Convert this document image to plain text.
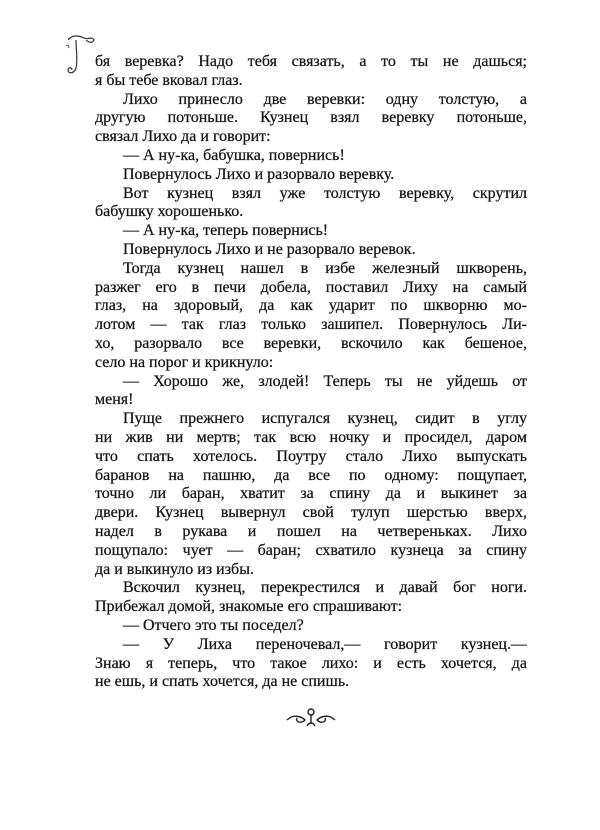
бя веревка? Надо тебя связать, а то ты не дашься;
я бы тебе вковал глаз.
Лихо принесло две веревки: одну толстую, а
другую потоньше. Кузнец взял веревку потоньше,
связал Лихо да и говорит:
— А ну-ка, бабушка, повернись!
Повернулось Лихо и разорвало веревку.
Вот кузнец взял уже толстую веревку, скрутил
бабушку хорошенько.
— А ну-ка, теперь повернись!
Повернулось Лихо и не разорвало веревок.
Тогда кузнец нашел в избе железный шкворень,
разжег его в печи добела, поставил Лиху на самый
глаз, на здоровый, да как ударит по шкворню мо-
лотом — так глаз только зашипел. Повернулось Ли-
хо, разорвало все веревки, вскочило как бешеное,
село на порог и крикнуло:
— Хорошо же, злодей! Теперь ты не уйдешь от
меня!
Пуще прежнего испугался кузнец, сидит в углу
ни жив ни мертв; так всю ночку и просидел, даром
что спать хотелось. Поутру стало Лихо выпускать
баранов на пашню, да все по одному: пощупает,
точно ли баран, хватит за спину да и выкинет за
двери. Кузнец вывернул свой тулуп шерстью вверх,
надел в рукава и пошел на четвереньках. Лихо
пощупало: чует — баран; схватило кузнеца за спину
да и выкинуло из избы.
Вскочил кузнец, перекрестился и давай бог ноги.
Прибежал домой, знакомые его спрашивают:
— Отчего это ты поседел?
— У Лиха переночевал,— говорит кузнец.—
Знаю я теперь, что такое лихо: и есть хочется, да
не ешь, и спать хочется, да не спишь.
